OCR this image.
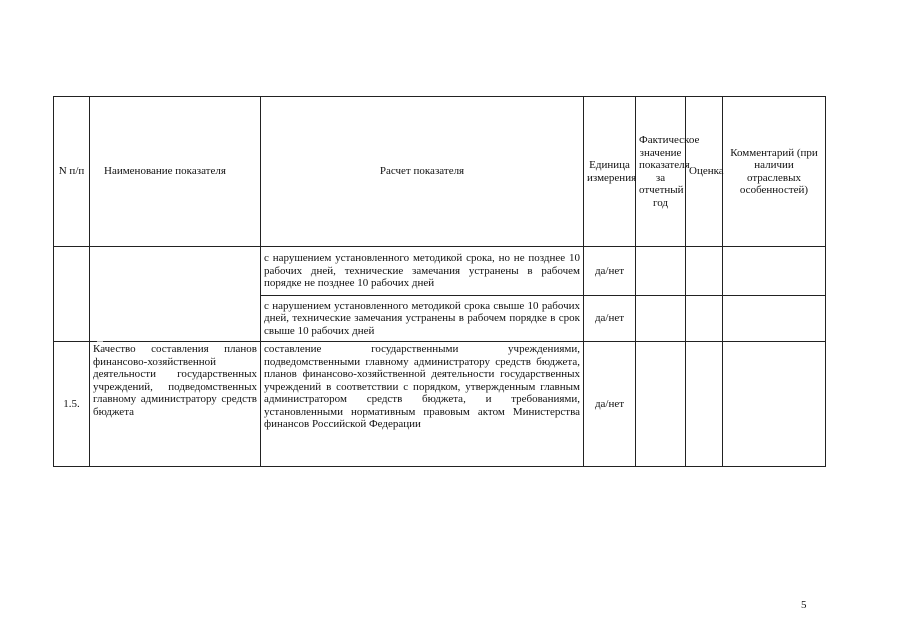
N п/п	Наименование показателя	Расчет показателя	Единица измерения	Фактическое значение показателя за отчетный год	Оценка	Комментарий (при наличии отраслевых особенностей)
		с нарушением установленного методикой срока, но не позднее 10 рабочих дней, технические замечания устранены в рабочем порядке не позднее 10 рабочих дней	да/нет			
		с нарушением установленного методикой срока свыше 10 рабочих дней, технические замечания устранены в рабочем порядке в срок свыше 10 рабочих дней	да/нет			
1.5.	Качество составления планов финансово-хозяйственной деятельности государственных учреждений, подведомственных главному администратору средств бюджета	составление государственными учреждениями, подведомственными главному администратору средств бюджета, планов финансово-хозяйственной деятельности государственных учреждений в соответствии с порядком, утвержденным главным администратором средств бюджета, и требованиями, установленными нормативным правовым актом Министерства финансов Российской Федерации	да/нет			
5
